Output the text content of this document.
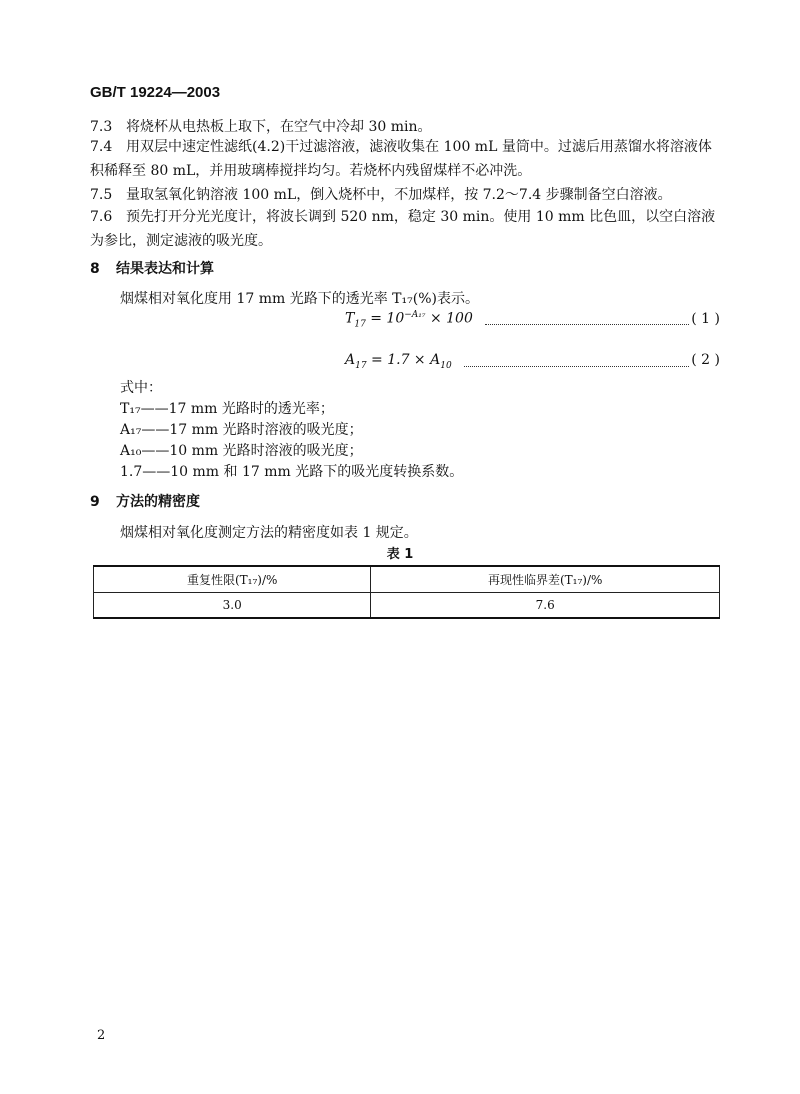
GB/T 19224—2003
7.3 将烧杯从电热板上取下，在空气中冷却 30 min。
7.4 用双层中速定性滤纸(4.2)干过滤溶液，滤液收集在 100 mL 量筒中。过滤后用蒸馏水将溶液体积稀释至 80 mL，并用玻璃棒搅拌均匀。若烧杯内残留煤样不必冲洗。
7.5 量取氢氧化钠溶液 100 mL，倒入烧杯中，不加煤样，按 7.2～7.4 步骤制备空白溶液。
7.6 预先打开分光光度计，将波长调到 520 nm，稳定 30 min。使用 10 mm 比色皿，以空白溶液为参比，测定滤液的吸光度。
8 结果表达和计算
烟煤相对氧化度用 17 mm 光路下的透光率 T₁₇(%)表示。
$T_{17} = 10^{-A_{17}} \times 100$	( 1 )
$A_{17} = 1.7 \times A_{10}$	( 2 )
式中：
T₁₇——17 mm 光路时的透光率；
A₁₇——17 mm 光路时溶液的吸光度；
A₁₀——10 mm 光路时溶液的吸光度；
1.7——10 mm 和 17 mm 光路下的吸光度转换系数。
9 方法的精密度
烟煤相对氧化度测定方法的精密度如表 1 规定。
表 1
重复性限(T₁₇)/%	再现性临界差(T₁₇)/%
3.0	7.6
2
